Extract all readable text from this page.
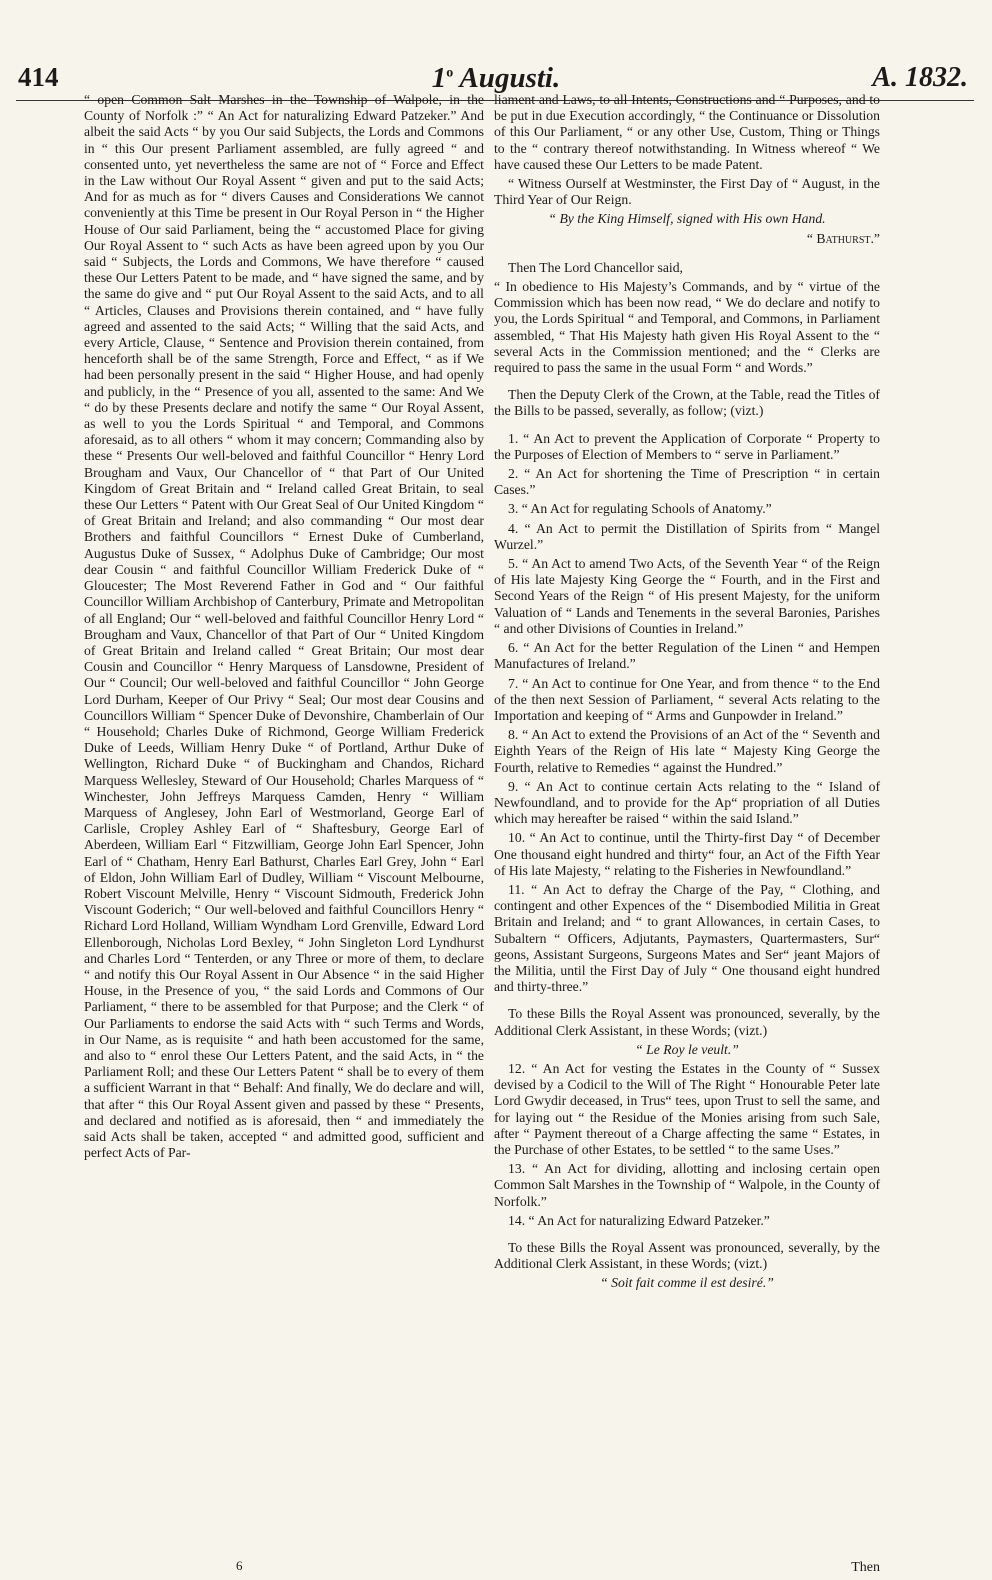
414	1$^o$ Augusti.	A. 1832.

“ open Common Salt Marshes in the Township of Walpole, in the County of Norfolk :” “ An Act for naturalizing Edward Patzeker.” And albeit the said Acts “ by you Our said Subjects, the Lords and Commons in “ this Our present Parliament assembled, are fully agreed “ and consented unto, yet nevertheless the same are not of “ Force and Effect in the Law without Our Royal Assent “ given and put to the said Acts; And for as much as for “ divers Causes and Considerations We cannot conveniently at this Time be present in Our Royal Person in “ the Higher House of Our said Parliament, being the “ accustomed Place for giving Our Royal Assent to “ such Acts as have been agreed upon by you Our said “ Subjects, the Lords and Commons, We have therefore “ caused these Our Letters Patent to be made, and “ have signed the same, and by the same do give and “ put Our Royal Assent to the said Acts, and to all “ Articles, Clauses and Provisions therein contained, and “ have fully agreed and assented to the said Acts; “ Willing that the said Acts, and every Article, Clause, “ Sentence and Provision therein contained, from henceforth shall be of the same Strength, Force and Effect, “ as if We had been personally present in the said “ Higher House, and had openly and publicly, in the “ Presence of you all, assented to the same: And We “ do by these Presents declare and notify the same “ Our Royal Assent, as well to you the Lords Spiritual “ and Temporal, and Commons aforesaid, as to all others “ whom it may concern; Commanding also by these “ Presents Our well-beloved and faithful Councillor “ Henry Lord Brougham and Vaux, Our Chancellor of “ that Part of Our United Kingdom of Great Britain and “ Ireland called Great Britain, to seal these Our Letters “ Patent with Our Great Seal of Our United Kingdom “ of Great Britain and Ireland; and also commanding “ Our most dear Brothers and faithful Councillors “ Ernest Duke of Cumberland, Augustus Duke of Sussex, “ Adolphus Duke of Cambridge; Our most dear Cousin “ and faithful Councillor William Frederick Duke of “ Gloucester; The Most Reverend Father in God and “ Our faithful Councillor William Archbishop of Canterbury, Primate and Metropolitan of all England; Our “ well-beloved and faithful Councillor Henry Lord “ Brougham and Vaux, Chancellor of that Part of Our “ United Kingdom of Great Britain and Ireland called “ Great Britain; Our most dear Cousin and Councillor “ Henry Marquess of Lansdowne, President of Our “ Council; Our well-beloved and faithful Councillor “ John George Lord Durham, Keeper of Our Privy “ Seal; Our most dear Cousins and Councillors William “ Spencer Duke of Devonshire, Chamberlain of Our “ Household; Charles Duke of Richmond, George William Frederick Duke of Leeds, William Henry Duke “ of Portland, Arthur Duke of Wellington, Richard Duke “ of Buckingham and Chandos, Richard Marquess Wellesley, Steward of Our Household; Charles Marquess of “ Winchester, John Jeffreys Marquess Camden, Henry “ William Marquess of Anglesey, John Earl of Westmorland, George Earl of Carlisle, Cropley Ashley Earl of “ Shaftesbury, George Earl of Aberdeen, William Earl “ Fitzwilliam, George John Earl Spencer, John Earl of “ Chatham, Henry Earl Bathurst, Charles Earl Grey, John “ Earl of Eldon, John William Earl of Dudley, William “ Viscount Melbourne, Robert Viscount Melville, Henry “ Viscount Sidmouth, Frederick John Viscount Goderich; “ Our well-beloved and faithful Councillors Henry “ Richard Lord Holland, William Wyndham Lord Grenville, Edward Lord Ellenborough, Nicholas Lord Bexley, “ John Singleton Lord Lyndhurst and Charles Lord “ Tenterden, or any Three or more of them, to declare “ and notify this Our Royal Assent in Our Absence “ in the said Higher House, in the Presence of you, “ the said Lords and Commons of Our Parliament, “ there to be assembled for that Purpose; and the Clerk “ of Our Parliaments to endorse the said Acts with “ such Terms and Words, in Our Name, as is requisite “ and hath been accustomed for the same, and also to “ enrol these Our Letters Patent, and the said Acts, in “ the Parliament Roll; and these Our Letters Patent “ shall be to every of them a sufficient Warrant in that “ Behalf: And finally, We do declare and will, that after “ this Our Royal Assent given and passed by these “ Presents, and declared and notified as is aforesaid, then “ and immediately the said Acts shall be taken, accepted “ and admitted good, sufficient and perfect Acts of Par-

liament and Laws, to all Intents, Constructions and “ Purposes, and to be put in due Execution accordingly, “ the Continuance or Dissolution of this Our Parliament, “ or any other Use, Custom, Thing or Things to the “ contrary thereof notwithstanding. In Witness whereof “ We have caused these Our Letters to be made Patent.

“ Witness Ourself at Westminster, the First Day of “ August, in the Third Year of Our Reign.

“ By the King Himself, signed with His own Hand.

“ Bathurst.”

Then The Lord Chancellor said,

“ In obedience to His Majesty’s Commands, and by “ virtue of the Commission which has been now read, “ We do declare and notify to you, the Lords Spiritual “ and Temporal, and Commons, in Parliament assembled, “ That His Majesty hath given His Royal Assent to the “ several Acts in the Commission mentioned; and the “ Clerks are required to pass the same in the usual Form “ and Words.”

Then the Deputy Clerk of the Crown, at the Table, read the Titles of the Bills to be passed, severally, as follow; (vizt.)

1. “ An Act to prevent the Application of Corporate “ Property to the Purposes of Election of Members to “ serve in Parliament.”

2. “ An Act for shortening the Time of Prescription “ in certain Cases.”

3. “ An Act for regulating Schools of Anatomy.”

4. “ An Act to permit the Distillation of Spirits from “ Mangel Wurzel.”

5. “ An Act to amend Two Acts, of the Seventh Year “ of the Reign of His late Majesty King George the “ Fourth, and in the First and Second Years of the Reign “ of His present Majesty, for the uniform Valuation of “ Lands and Tenements in the several Baronies, Parishes “ and other Divisions of Counties in Ireland.”

6. “ An Act for the better Regulation of the Linen “ and Hempen Manufactures of Ireland.”

7. “ An Act to continue for One Year, and from thence “ to the End of the then next Session of Parliament, “ several Acts relating to the Importation and keeping of “ Arms and Gunpowder in Ireland.”

8. “ An Act to extend the Provisions of an Act of the “ Seventh and Eighth Years of the Reign of His late “ Majesty King George the Fourth, relative to Remedies “ against the Hundred.”

9. “ An Act to continue certain Acts relating to the “ Island of Newfoundland, and to provide for the Ap“ propriation of all Duties which may hereafter be raised “ within the said Island.”

10. “ An Act to continue, until the Thirty-first Day “ of December One thousand eight hundred and thirty“ four, an Act of the Fifth Year of His late Majesty, “ relating to the Fisheries in Newfoundland.”

11. “ An Act to defray the Charge of the Pay, “ Clothing, and contingent and other Expences of the “ Disembodied Militia in Great Britain and Ireland; and “ to grant Allowances, in certain Cases, to Subaltern “ Officers, Adjutants, Paymasters, Quartermasters, Sur“ geons, Assistant Surgeons, Surgeons Mates and Ser“ jeant Majors of the Militia, until the First Day of July “ One thousand eight hundred and thirty-three.”

To these Bills the Royal Assent was pronounced, severally, by the Additional Clerk Assistant, in these Words; (vizt.)

“ Le Roy le veult.”

12. “ An Act for vesting the Estates in the County of “ Sussex devised by a Codicil to the Will of The Right “ Honourable Peter late Lord Gwydir deceased, in Trus“ tees, upon Trust to sell the same, and for laying out “ the Residue of the Monies arising from such Sale, after “ Payment thereout of a Charge affecting the same “ Estates, in the Purchase of other Estates, to be settled “ to the same Uses.”

13. “ An Act for dividing, allotting and inclosing certain open Common Salt Marshes in the Township of “ Walpole, in the County of Norfolk.”

14. “ An Act for naturalizing Edward Patzeker.”

To these Bills the Royal Assent was pronounced, severally, by the Additional Clerk Assistant, in these Words; (vizt.)

“ Soit fait comme il est desiré.”

6	Then
